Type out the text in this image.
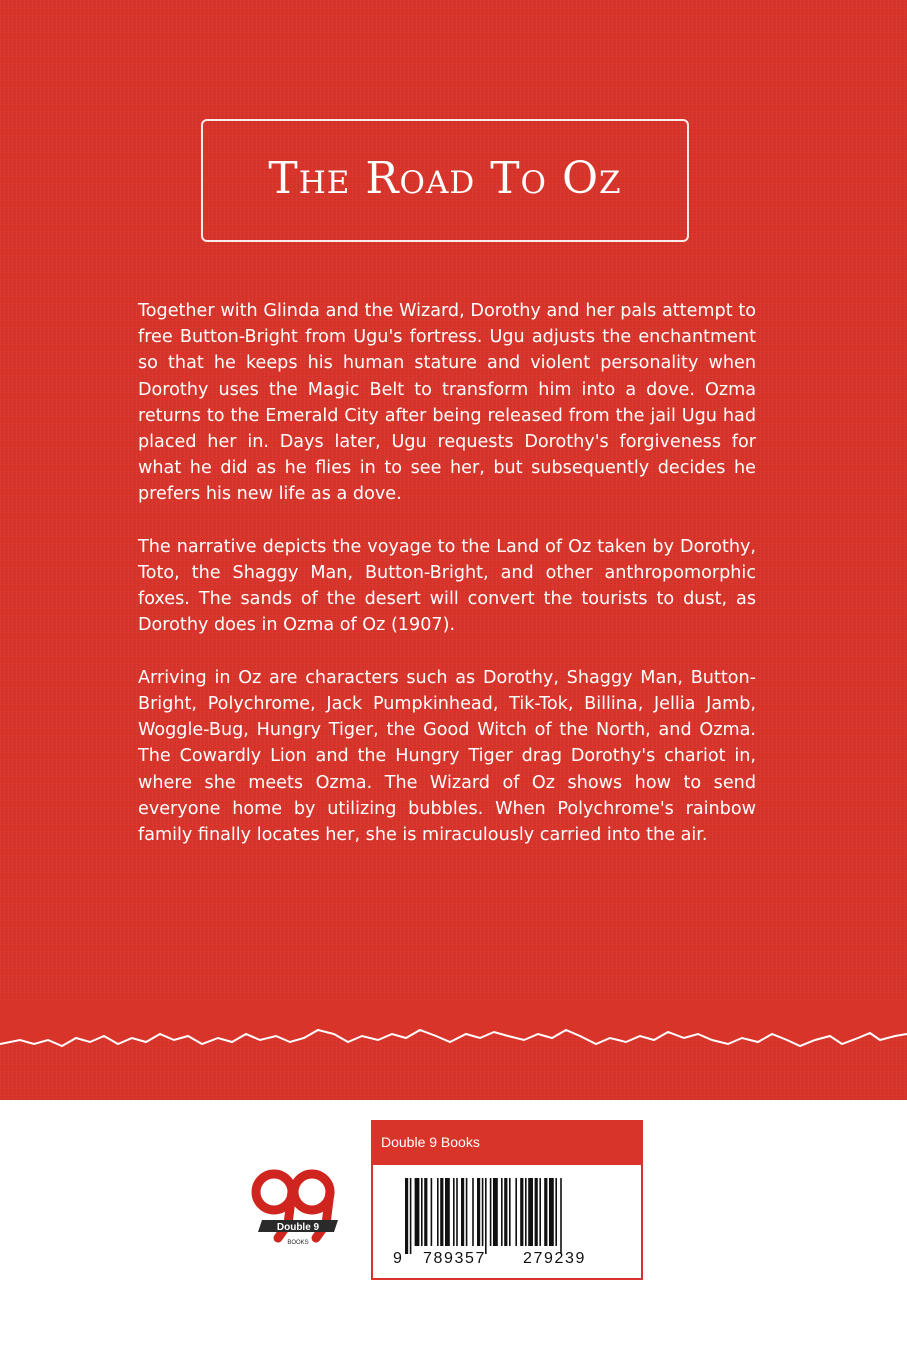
The Road To Oz

Together with Glinda and the Wizard, Dorothy and her pals attempt to free Button-Bright from Ugu's fortress. Ugu adjusts the enchantment so that he keeps his human stature and violent personality when Dorothy uses the Magic Belt to transform him into a dove. Ozma returns to the Emerald City after being released from the jail Ugu had placed her in. Days later, Ugu requests Dorothy's forgiveness for what he did as he flies in to see her, but subsequently decides he prefers his new life as a dove.

The narrative depicts the voyage to the Land of Oz taken by Dorothy, Toto, the Shaggy Man, Button-Bright, and other anthropomorphic foxes. The sands of the desert will convert the tourists to dust, as Dorothy does in Ozma of Oz (1907).

Arriving in Oz are characters such as Dorothy, Shaggy Man, Button-Bright, Polychrome, Jack Pumpkinhead, Tik-Tok, Billina, Jellia Jamb, Woggle-Bug, Hungry Tiger, the Good Witch of the North, and Ozma. The Cowardly Lion and the Hungry Tiger drag Dorothy's chariot in, where she meets Ozma. The Wizard of Oz shows how to send everyone home by utilizing bubbles. When Polychrome's rainbow family finally locates her, she is miraculously carried into the air.

Double 9
BOOKS
Double 9 Books
9 789357 279239
